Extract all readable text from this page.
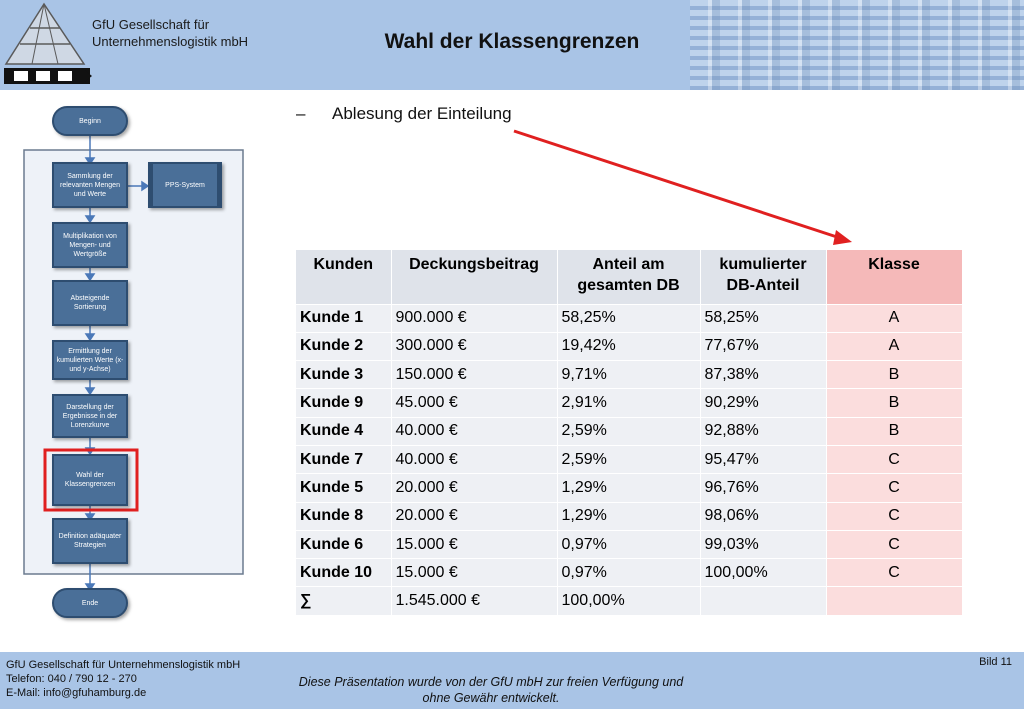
GfU Gesellschaft für
Unternehmenslogistik mbH	Wahl der Klassengrenzen
– Ablesung der Einteilung
Beginn
Sammlung der relevanten Mengen und Werte
PPS-System
Multiplikation von Mengen- und Wertgröße
Absteigende Sortierung
Ermittlung der kumulierten Werte (x- und y-Achse)
Darstellung der Ergebnisse in der Lorenzkurve
Wahl der Klassengrenzen
Definition adäquater Strategien
Ende
Kunden	Deckungsbeitrag	Anteil am gesamten DB	kumulierter DB-Anteil	Klasse
Kunde 1	900.000 €	58,25%	58,25%	A
Kunde 2	300.000 €	19,42%	77,67%	A
Kunde 3	150.000 €	9,71%	87,38%	B
Kunde 9	45.000 €	2,91%	90,29%	B
Kunde 4	40.000 €	2,59%	92,88%	B
Kunde 7	40.000 €	2,59%	95,47%	C
Kunde 5	20.000 €	1,29%	96,76%	C
Kunde 8	20.000 €	1,29%	98,06%	C
Kunde 6	15.000 €	0,97%	99,03%	C
Kunde 10	15.000 €	0,97%	100,00%	C
∑	1.545.000 €	100,00%		
GfU Gesellschaft für Unternehmenslogistik mbH
Telefon: 040 / 790 12 - 270
E-Mail: info@gfuhamburg.de
Diese Präsentation wurde von der GfU mbH zur freien Verfügung und
ohne Gewähr entwickelt.
Bild 11
